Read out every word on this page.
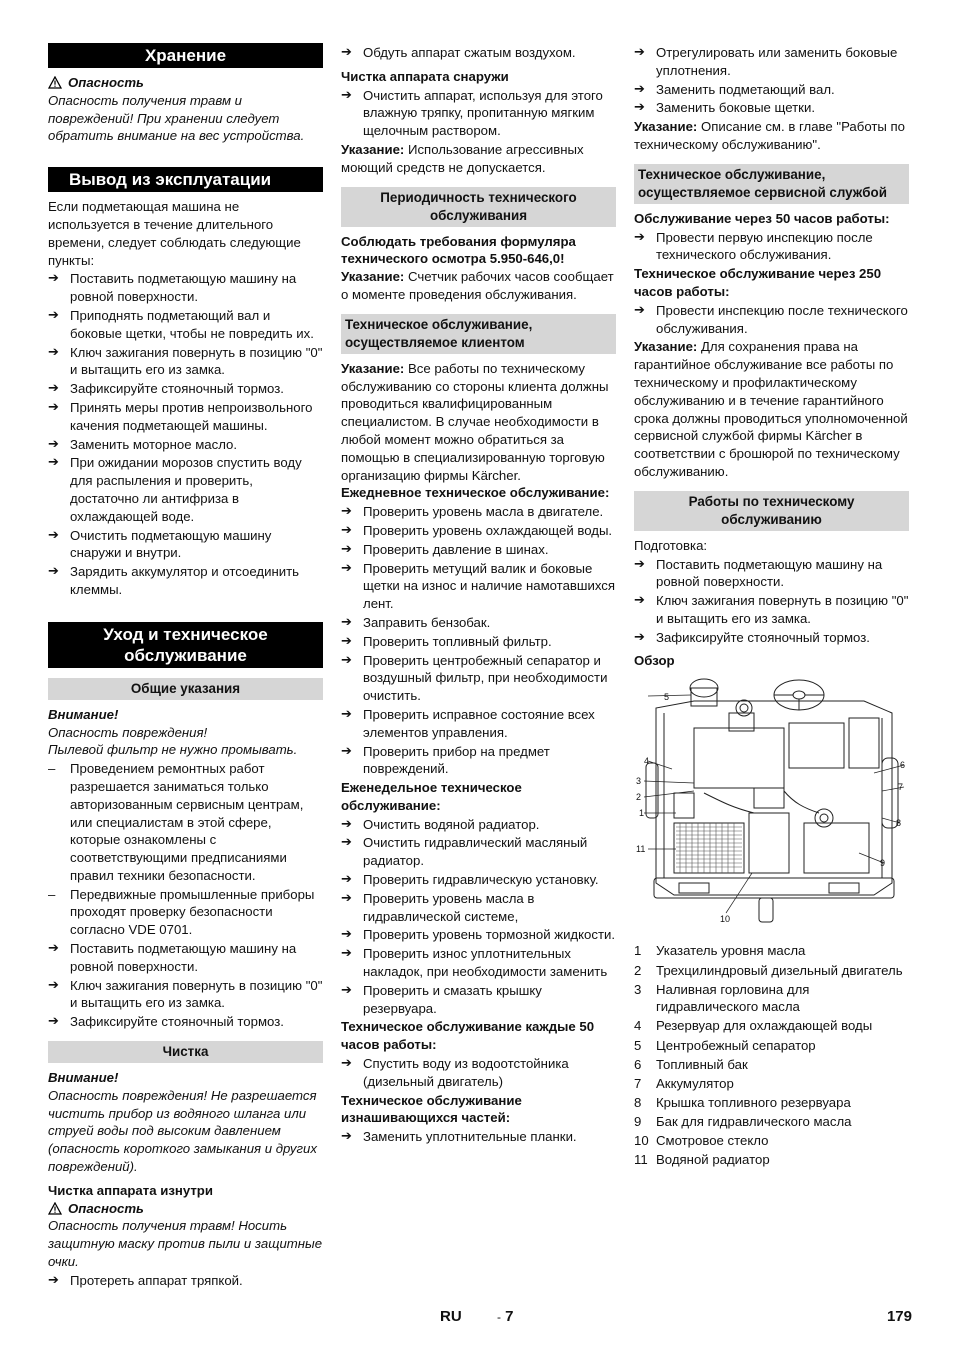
Хранение
Опасность

Опасность получения травм и повреждений! При хранении следует обратить внимание на вес устройства.

Вывод из эксплуатации

Если подметающая машина не используется в течение длительного времени, следует соблюдать следующие пункты:

➔ Поставить подметающую машину на ровной поверхности.
➔ Приподнять подметающий вал и боковые щетки, чтобы не повредить их.
➔ Ключ зажигания повернуть в позицию "0" и вытащить его из замка.
➔ Зафиксируйте стояночный тормоз.
➔ Принять меры против непроизвольного качения подметающей машины.
➔ Заменить моторное масло.
➔ При ожидании морозов спустить воду для распыления и проверить, достаточно ли антифриза в охлаждающей воде.
➔ Очистить подметающую машину снаружи и внутри.
➔ Зарядить аккумулятор и отсоединить клеммы.
Уход и техническое обслуживание
Общие указания

Внимание!

Опасность повреждения!

Пылевой фильтр не нужно промывать.

– Проведением ремонтных работ разрешается заниматься только авторизованным сервисным центрам, или специалистам в этой сфере, которые ознакомлены с соответствующими предписаниями правил техники безопасности.
– Передвижные промышленные приборы проходят проверку безопасности согласно VDE 0701.
➔ Поставить подметающую машину на ровной поверхности.
➔ Ключ зажигания повернуть в позицию "0" и вытащить его из замка.
➔ Зафиксируйте стояночный тормоз.
Чистка

Внимание!

Опасность повреждения! Не разрешается чистить прибор из водяного шланга или струей воды под высоким давлением (опасность короткого замыкания и других повреждений).

Чистка аппарата изнутри

Опасность

Опасность получения травм! Носить защитную маску против пыли и защитные очки.

➔ Протереть аппарат тряпкой.
➔ Обдуть аппарат сжатым воздухом.

Чистка аппарата снаружи

➔ Очистить аппарат, используя для этого влажную тряпку, пропитанную мягким щелочным раствором.

Указание: Использование агрессивных моющий средств не допускается.

Периодичность технического обслуживания

Соблюдать требования формуляра технического осмотра 5.950-646,0!

Указание: Счетчик рабочих часов сообщает о моменте проведения обслуживания.

Техническое обслуживание, осуществляемое клиентом

Указание: Все работы по техническому обслуживанию со стороны клиента должны проводиться квалифицированным специалистом. В случае необходимости в любой момент можно обратиться за помощью в специализированную торговую организацию фирмы Kärcher.

Ежедневное техническое обслуживание:

➔ Проверить уровень масла в двигателе.
➔ Проверить уровень охлаждающей воды.
➔ Проверить давление в шинах.
➔ Проверить метущий валик и боковые щетки на износ и наличие намотавшихся лент.
➔ Заправить бензобак.
➔ Проверить топливный фильтр.
➔ Проверить центробежный сепаратор и воздушный фильтр, при необходимости очистить.
➔ Проверить исправное состояние всех элементов управления.
➔ Проверить прибор на предмет повреждений.

Еженедельное техническое обслуживание:

➔ Очистить водяной радиатор.
➔ Очистить гидравлический масляный радиатор.
➔ Проверить гидравлическую установку.
➔ Проверить уровень масла в гидравлической системе,
➔ Проверить уровень тормозной жидкости.
➔ Проверить износ уплотнительных накладок, при необходимости заменить
➔ Проверить и смазать крышку резервуара.

Техническое обслуживание каждые 50 часов работы:

➔ Спустить воду из водоотстойника (дизельный двигатель)

Техническое обслуживание изнашивающихся частей:

➔ Заменить уплотнительные планки.
➔ Отрегулировать или заменить боковые уплотнения.
➔ Заменить подметающий вал.
➔ Заменить боковые щетки.

Указание: Описание см. в главе "Работы по техническому обслуживанию".

Техническое обслуживание, осуществляемое сервисной службой

Обслуживание через 50 часов работы:

➔ Провести первую инспекцию после технического обслуживания.

Техническое обслуживание через 250 часов работы:

➔ Провести инспекцию после технического обслуживания.

Указание: Для сохранения права на гарантийное обслуживание все работы по техническому и профилактическому обслуживанию и в течение гарантийного срока должны проводиться уполномоченной сервисной службой фирмы Kärcher в соответствии с брошюрой по техническому обслуживанию.

Работы по техническому обслуживанию

Подготовка:

➔ Поставить подметающую машину на ровной поверхности.
➔ Ключ зажигания повернуть в позицию "0" и вытащить его из замка.
➔ Зафиксируйте стояночный тормоз.

Обзор

1
2
3
4
5
6
7
8
9
10
11
1 Указатель уровня масла
2 Трехцилиндровый дизельный двигатель
3 Наливная горловина для гидравлического масла
4 Резервуар для охлаждающей воды
5 Центробежный сепаратор
6 Топливный бак
7 Аккумулятор
8 Крышка топливного резервуара
9 Бак для гидравлического масла
10 Смотровое стекло
11 Водяной радиатор
RU	- 7	179
